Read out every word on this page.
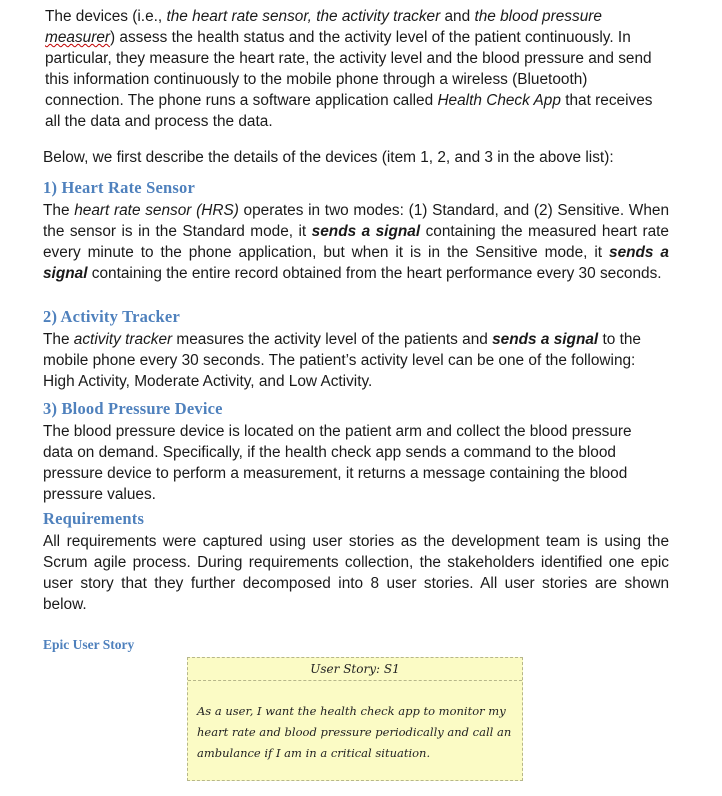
The devices (i.e., the heart rate sensor, the activity tracker and the blood pressure measurer) assess the health status and the activity level of the patient continuously. In particular, they measure the heart rate, the activity level and the blood pressure and send this information continuously to the mobile phone through a wireless (Bluetooth) connection. The phone runs a software application called Health Check App that receives all the data and process the data.

Below, we first describe the details of the devices (item 1, 2, and 3 in the above list):

1) Heart Rate Sensor

The heart rate sensor (HRS) operates in two modes: (1) Standard, and (2) Sensitive. When the sensor is in the Standard mode, it sends a signal containing the measured heart rate every minute to the phone application, but when it is in the Sensitive mode, it sends a signal containing the entire record obtained from the heart performance every 30 seconds.

2) Activity Tracker

The activity tracker measures the activity level of the patients and sends a signal to the mobile phone every 30 seconds. The patient’s activity level can be one of the following: High Activity, Moderate Activity, and Low Activity.

3) Blood Pressure Device

The blood pressure device is located on the patient arm and collect the blood pressure data on demand. Specifically, if the health check app sends a command to the blood pressure device to perform a measurement, it returns a message containing the blood pressure values.

Requirements

All requirements were captured using user stories as the development team is using the Scrum agile process. During requirements collection, the stakeholders identified one epic user story that they further decomposed into 8 user stories. All user stories are shown below.

Epic User Story
User Story: S1

As a user, I want the health check app to monitor my heart rate and blood pressure periodically and call an ambulance if I am in a critical situation.
